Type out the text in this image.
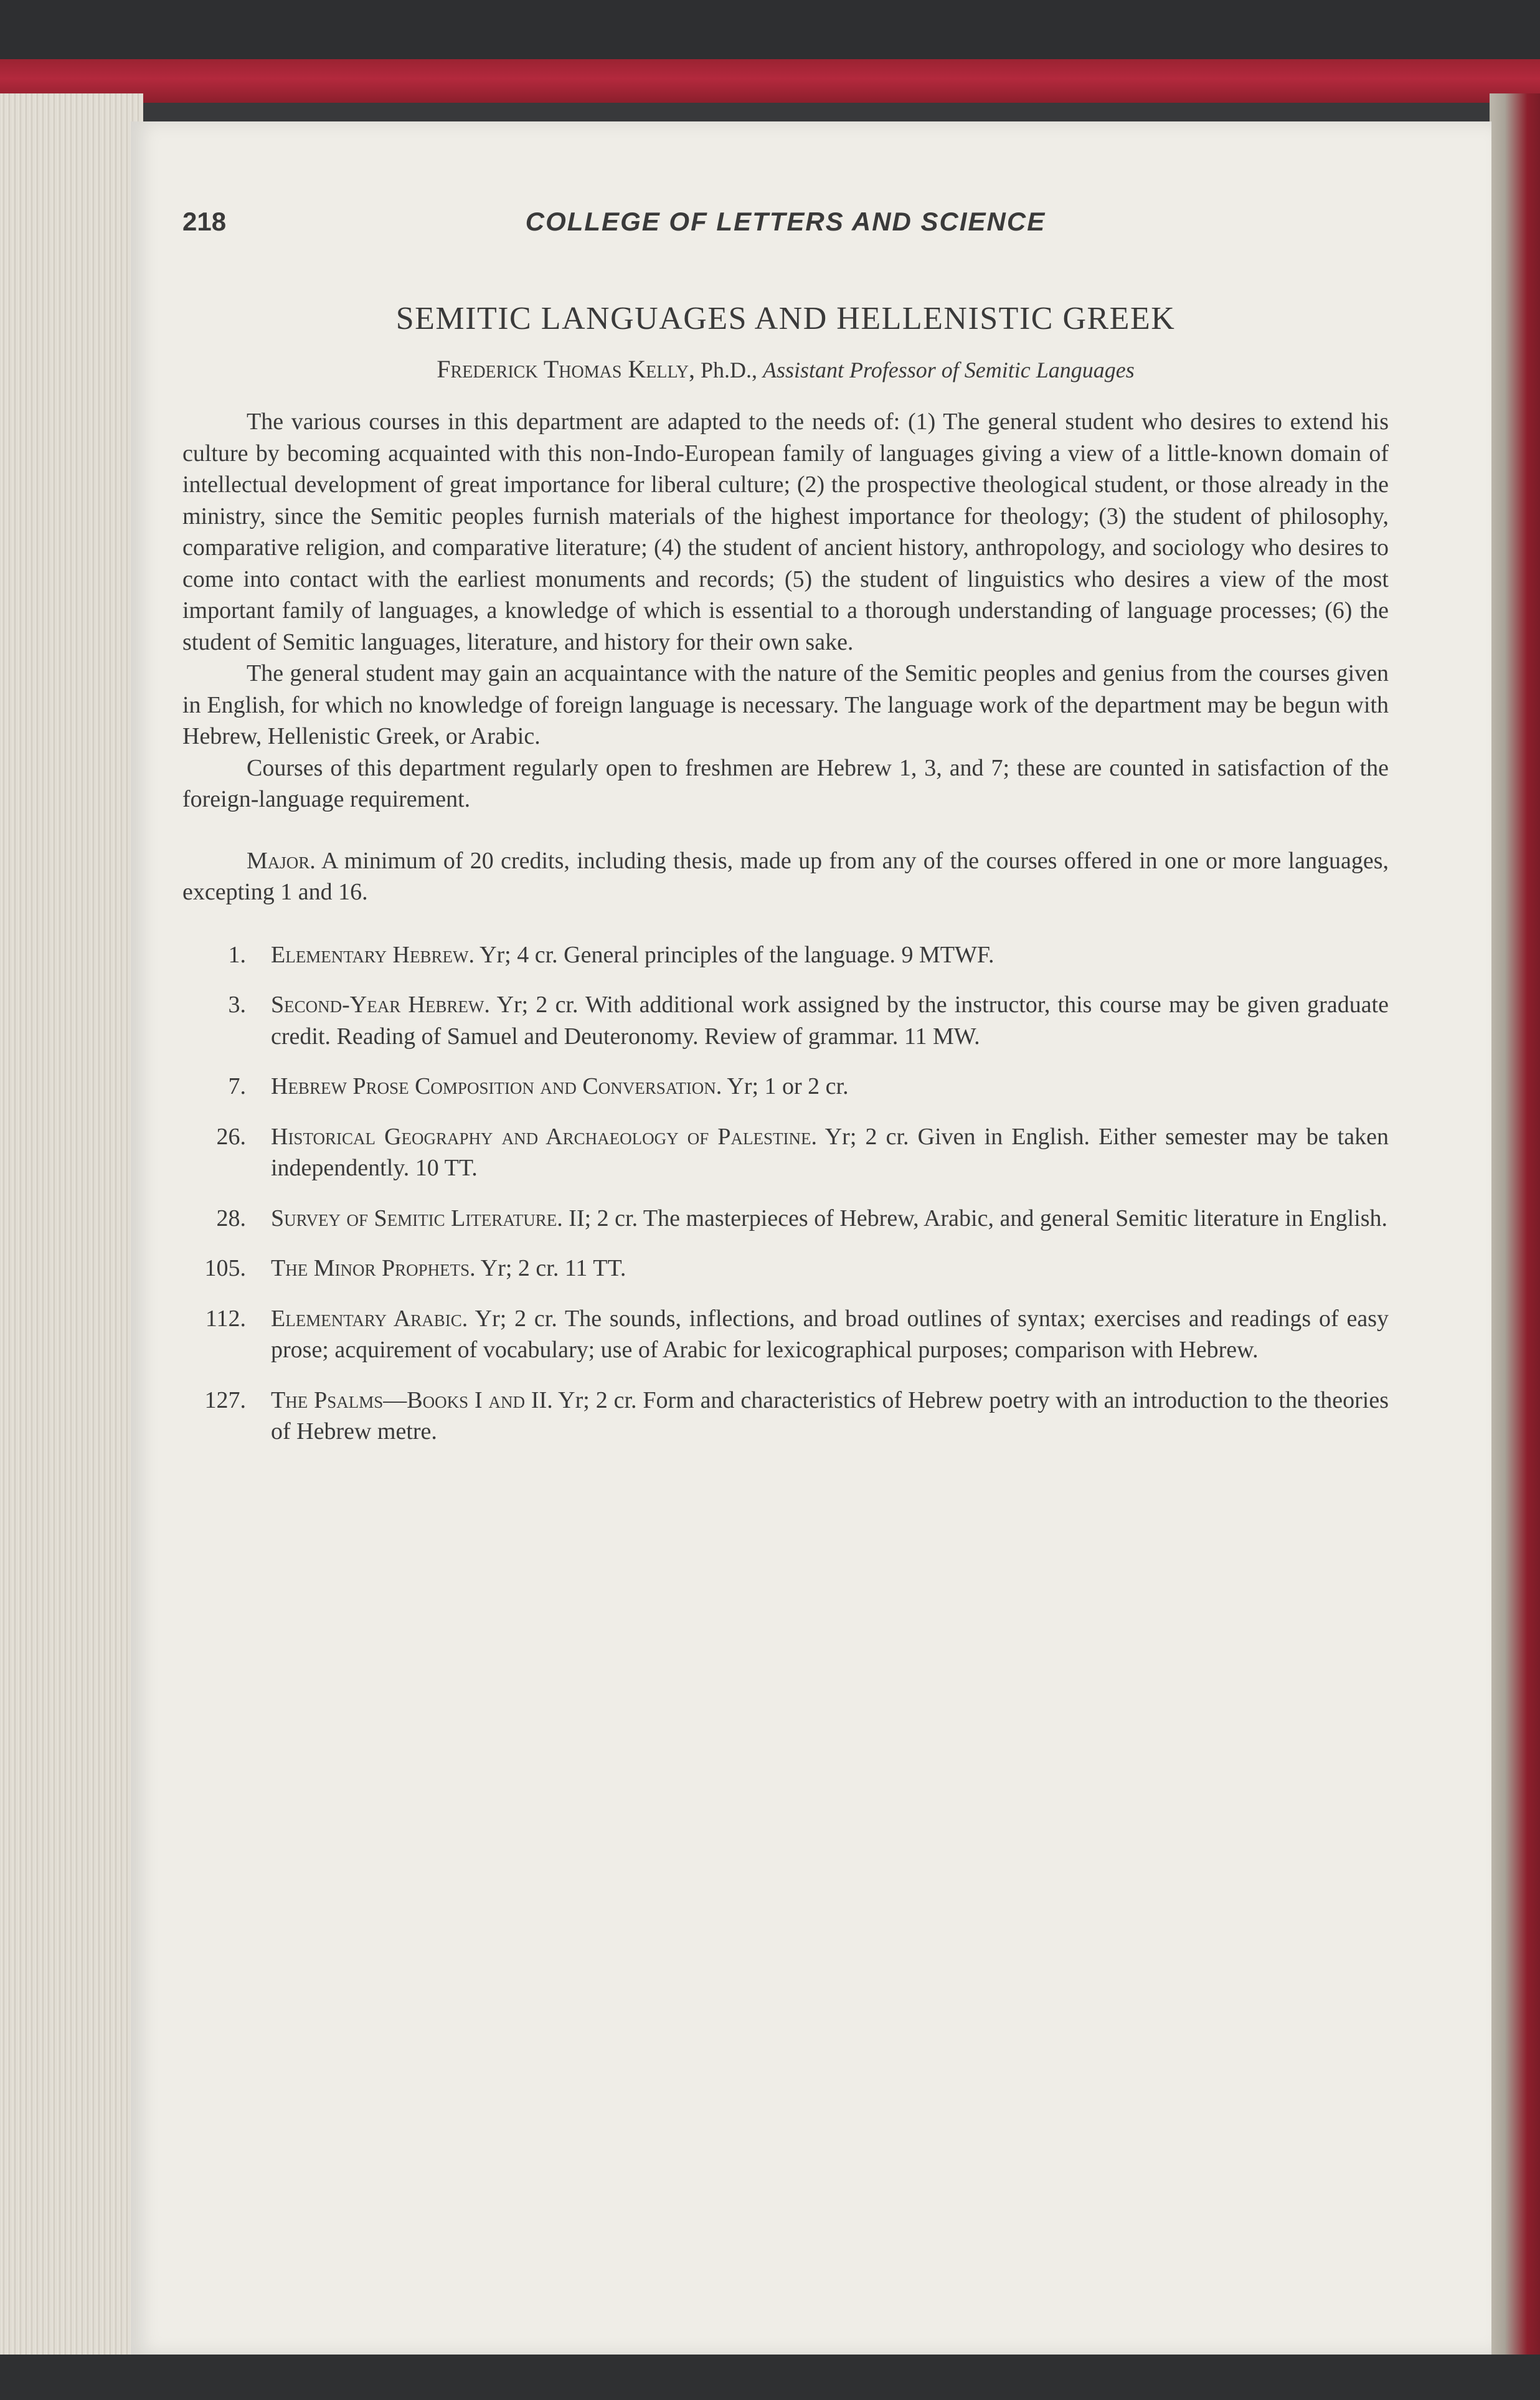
218	COLLEGE OF LETTERS AND SCIENCE
SEMITIC LANGUAGES AND HELLENISTIC GREEK
Frederick Thomas Kelly, Ph.D., Assistant Professor of Semitic Languages

The various courses in this department are adapted to the needs of: (1) The general student who desires to extend his culture by becoming acquainted with this non-Indo-European family of languages giving a view of a little-known domain of intellectual development of great importance for liberal culture; (2) the prospective theological student, or those already in the ministry, since the Semitic peoples furnish materials of the highest importance for theology; (3) the student of philosophy, comparative religion, and comparative literature; (4) the student of ancient history, anthropology, and sociology who desires to come into contact with the earliest monuments and records; (5) the student of linguistics who desires a view of the most important family of languages, a knowledge of which is essential to a thorough understanding of language processes; (6) the student of Semitic languages, literature, and history for their own sake.

The general student may gain an acquaintance with the nature of the Semitic peoples and genius from the courses given in English, for which no knowledge of foreign language is necessary. The language work of the department may be begun with Hebrew, Hellenistic Greek, or Arabic.

Courses of this department regularly open to freshmen are Hebrew 1, 3, and 7; these are counted in satisfaction of the foreign-language requirement.

Major. A minimum of 20 credits, including thesis, made up from any of the courses offered in one or more languages, excepting 1 and 16.

1. Elementary Hebrew. Yr; 4 cr. General principles of the language. 9 MTWF.

3. Second-Year Hebrew. Yr; 2 cr. With additional work assigned by the instructor, this course may be given graduate credit. Reading of Samuel and Deuteronomy. Review of grammar. 11 MW.

7. Hebrew Prose Composition and Conversation. Yr; 1 or 2 cr.

26. Historical Geography and Archaeology of Palestine. Yr; 2 cr. Given in English. Either semester may be taken independently. 10 TT.

28. Survey of Semitic Literature. II; 2 cr. The masterpieces of Hebrew, Arabic, and general Semitic literature in English.

105. The Minor Prophets. Yr; 2 cr. 11 TT.

112. Elementary Arabic. Yr; 2 cr. The sounds, inflections, and broad outlines of syntax; exercises and readings of easy prose; acquirement of vocabulary; use of Arabic for lexicographical purposes; comparison with Hebrew.

127. The Psalms—Books I and II. Yr; 2 cr. Form and characteristics of Hebrew poetry with an introduction to the theories of Hebrew metre.
